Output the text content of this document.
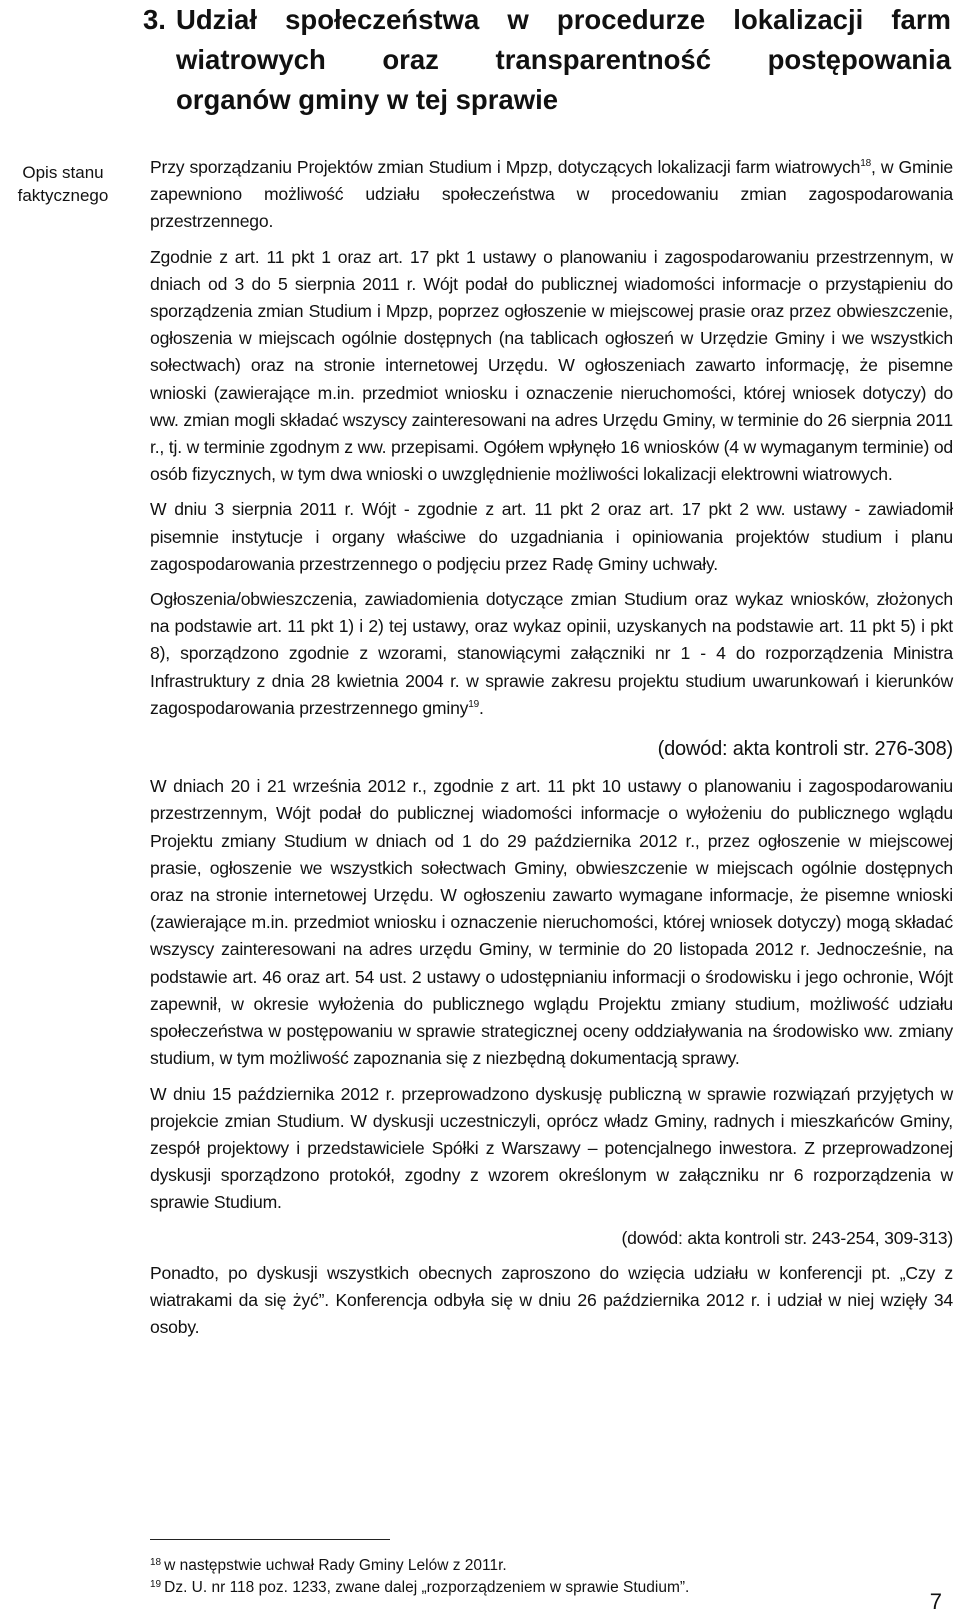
3. Udział społeczeństwa w procedurze lokalizacji farm
wiatrowych oraz transparentność postępowania
organów gminy w tej sprawie
Opis stanu
faktycznego

Przy sporządzaniu Projektów zmian Studium i Mpzp, dotyczących lokalizacji farm wiatrowych$^{18}$, w Gminie zapewniono możliwość udziału społeczeństwa w procedowaniu zmian zagospodarowania przestrzennego.

Zgodnie z art. 11 pkt 1 oraz art. 17 pkt 1 ustawy o planowaniu i zagospodarowaniu przestrzennym, w dniach od 3 do 5 sierpnia 2011 r. Wójt podał do publicznej wiadomości informacje o przystąpieniu do sporządzenia zmian Studium i Mpzp, poprzez ogłoszenie w miejscowej prasie oraz przez obwieszczenie, ogłoszenia w miejscach ogólnie dostępnych (na tablicach ogłoszeń w Urzędzie Gminy i we wszystkich sołectwach) oraz na stronie internetowej Urzędu. W ogłoszeniach zawarto informację, że pisemne wnioski (zawierające m.in. przedmiot wniosku i oznaczenie nieruchomości, której wniosek dotyczy) do ww. zmian mogli składać wszyscy zainteresowani na adres Urzędu Gminy, w terminie do 26 sierpnia 2011 r., tj. w terminie zgodnym z ww. przepisami. Ogółem wpłynęło 16 wniosków (4 w wymaganym terminie) od osób fizycznych, w tym dwa wnioski o uwzględnienie możliwości lokalizacji elektrowni wiatrowych.

W dniu 3 sierpnia 2011 r. Wójt - zgodnie z art. 11 pkt 2 oraz art. 17 pkt 2 ww. ustawy - zawiadomił pisemnie instytucje i organy właściwe do uzgadniania i opiniowania projektów studium i planu zagospodarowania przestrzennego o podjęciu przez Radę Gminy uchwały.

Ogłoszenia/obwieszczenia, zawiadomienia dotyczące zmian Studium oraz wykaz wniosków, złożonych na podstawie art. 11 pkt 1) i 2) tej ustawy, oraz wykaz opinii, uzyskanych na podstawie art. 11 pkt 5) i pkt 8), sporządzono zgodnie z wzorami, stanowiącymi załączniki nr 1 - 4 do rozporządzenia Ministra Infrastruktury z dnia 28 kwietnia 2004 r. w sprawie zakresu projektu studium uwarunkowań i kierunków zagospodarowania przestrzennego gminy$^{19}$.

(dowód: akta kontroli str. 276-308)

W dniach 20 i 21 września 2012 r., zgodnie z art. 11 pkt 10 ustawy o planowaniu i zagospodarowaniu przestrzennym, Wójt podał do publicznej wiadomości informacje o wyłożeniu do publicznego wglądu Projektu zmiany Studium w dniach od 1 do 29 października 2012 r., przez ogłoszenie w miejscowej prasie, ogłoszenie we wszystkich sołectwach Gminy, obwieszczenie w miejscach ogólnie dostępnych oraz na stronie internetowej Urzędu. W ogłoszeniu zawarto wymagane informacje, że pisemne wnioski (zawierające m.in. przedmiot wniosku i oznaczenie nieruchomości, której wniosek dotyczy) mogą składać wszyscy zainteresowani na adres urzędu Gminy, w terminie do 20 listopada 2012 r. Jednocześnie, na podstawie art. 46 oraz art. 54 ust. 2 ustawy o udostępnianiu informacji o środowisku i jego ochronie, Wójt zapewnił, w okresie wyłożenia do publicznego wglądu Projektu zmiany studium, możliwość udziału społeczeństwa w postępowaniu w sprawie strategicznej oceny oddziaływania na środowisko ww. zmiany studium, w tym możliwość zapoznania się z niezbędną dokumentacją sprawy.

W dniu 15 października 2012 r. przeprowadzono dyskusję publiczną w sprawie rozwiązań przyjętych w projekcie zmian Studium. W dyskusji uczestniczyli, oprócz władz Gminy, radnych i mieszkańców Gminy, zespół projektowy i przedstawiciele Spółki z Warszawy – potencjalnego inwestora. Z przeprowadzonej dyskusji sporządzono protokół, zgodny z wzorem określonym w załączniku nr 6 rozporządzenia w sprawie Studium.

(dowód: akta kontroli str. 243-254, 309-313)

Ponadto, po dyskusji wszystkich obecnych zaproszono do wzięcia udziału w konferencji pt. „Czy z wiatrakami da się żyć”. Konferencja odbyła się w dniu 26 października 2012 r. i udział w niej wzięły 34 osoby.

$^{18}$ w następstwie uchwał Rady Gminy Lelów z 2011r.
$^{19}$ Dz. U. nr 118 poz. 1233, zwane dalej „rozporządzeniem w sprawie Studium”.
7
